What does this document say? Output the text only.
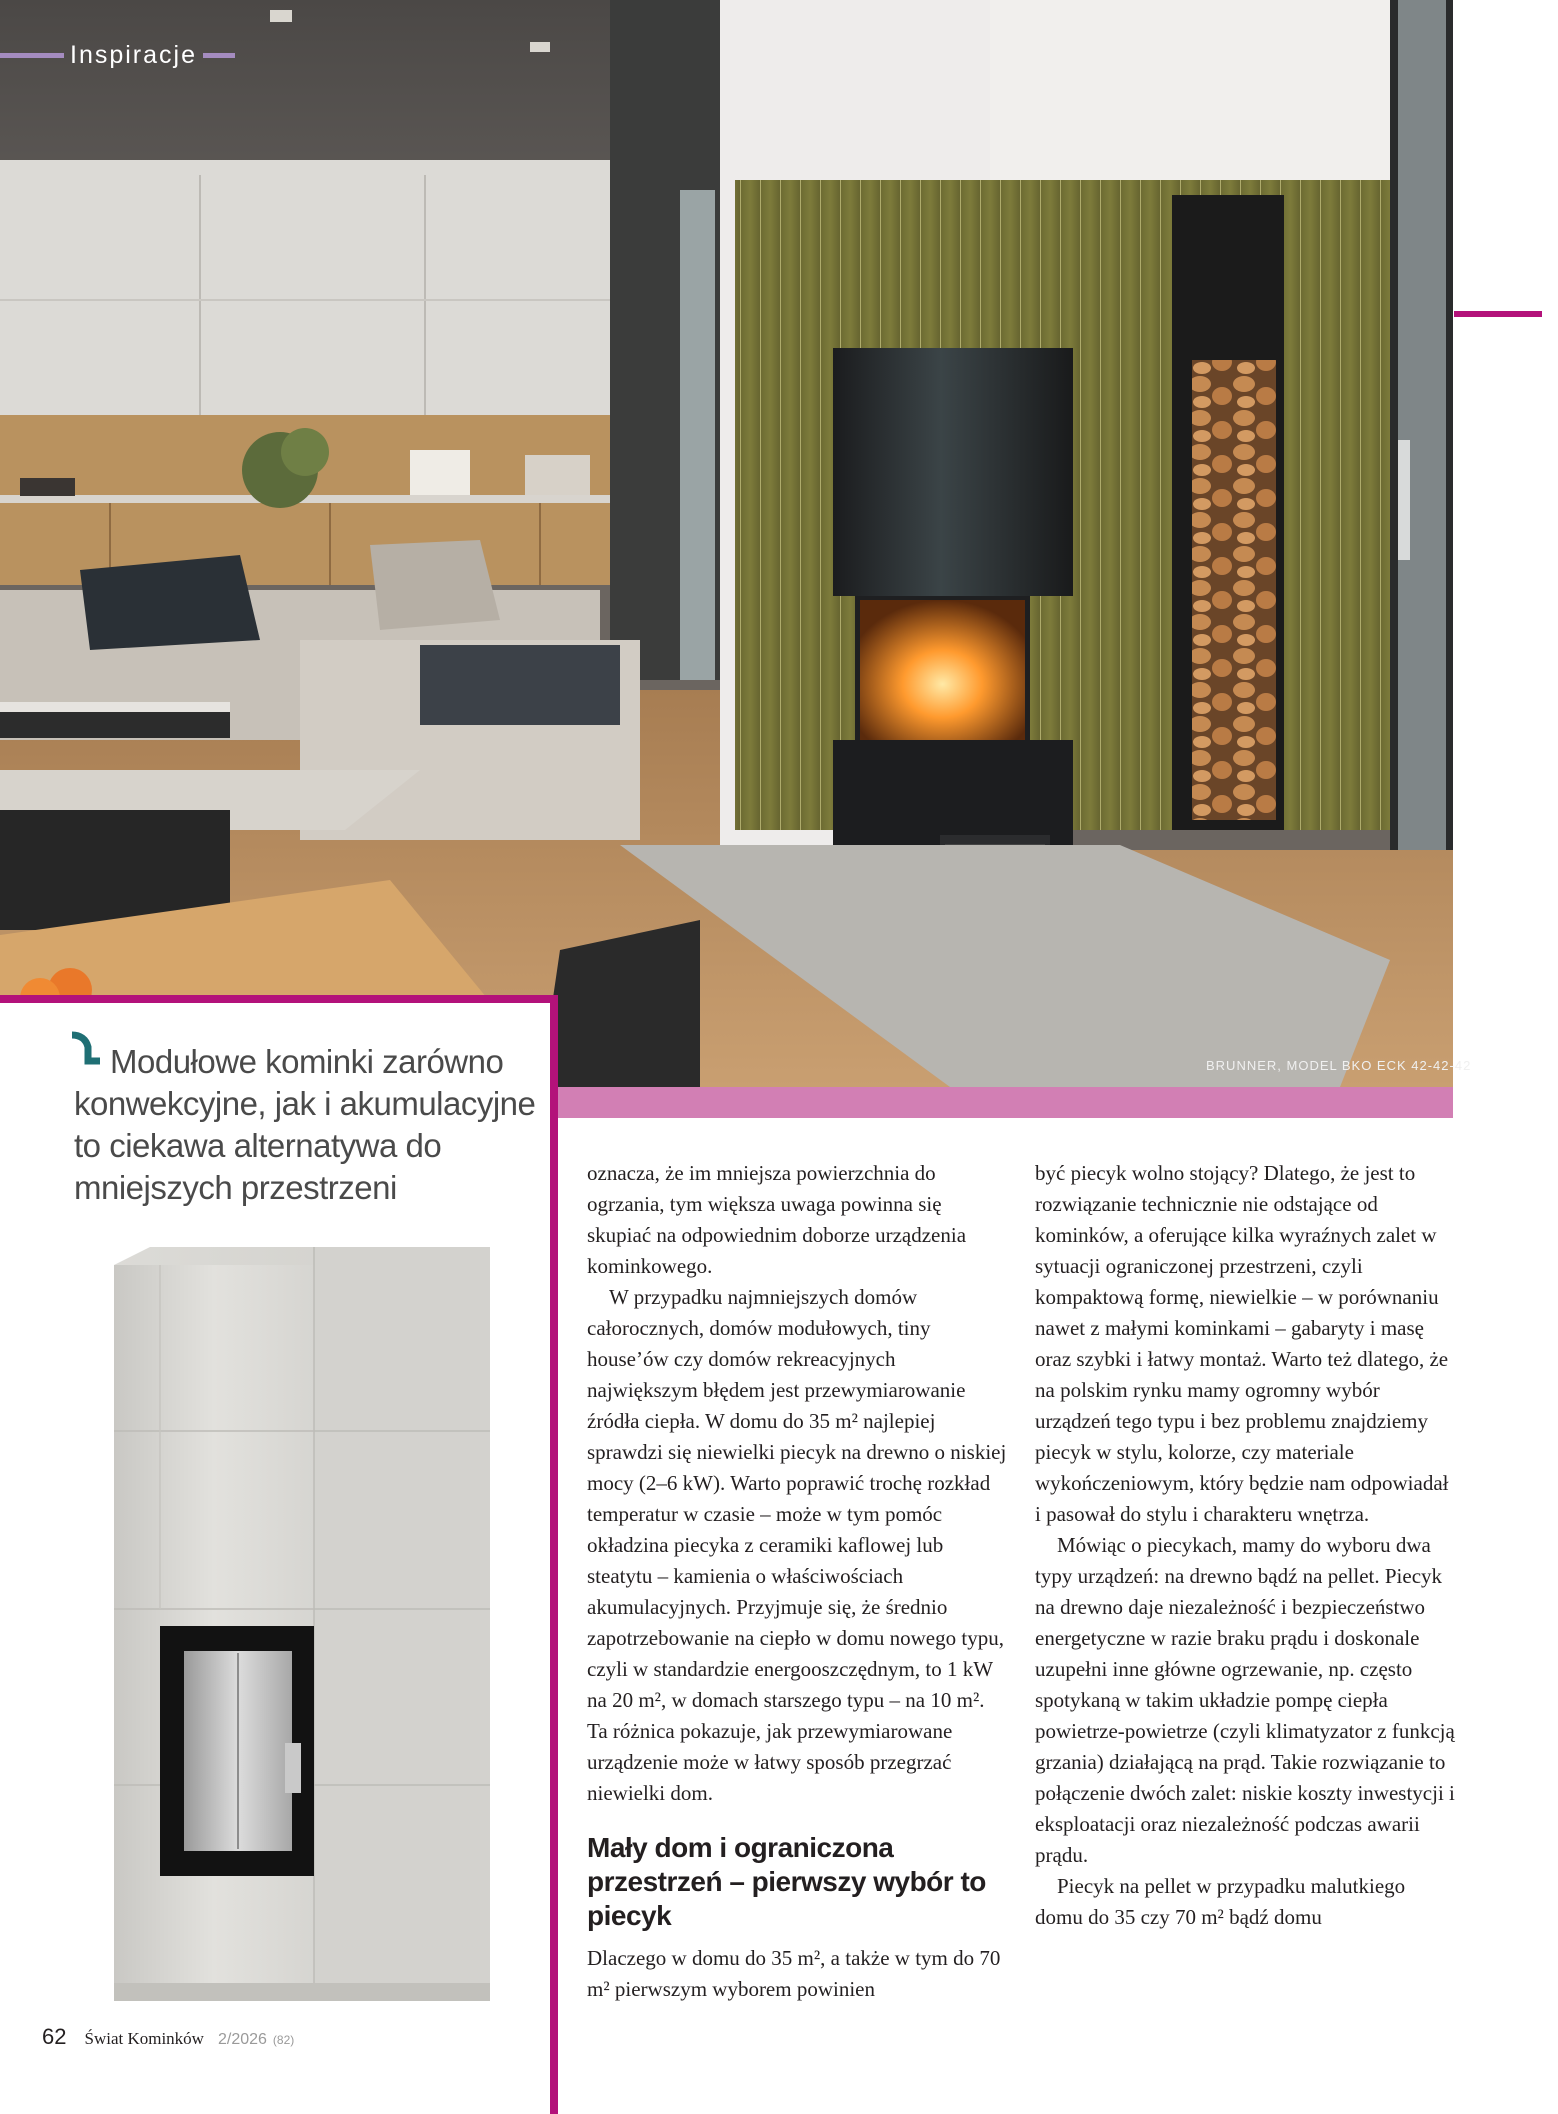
Inspiracje
BRUNNER, MODEL BKO ECK 42-42-42
Modułowe kominki zarówno konwekcyjne, jak i akumulacyjne to ciekawa alternatywa do mniejszych przestrzeni	oznacza, że im mniejsza powierzchnia do ogrzania, tym większa uwaga powinna się skupiać na odpowiednim doborze urządzenia kominkowego.

W przypadku najmniejszych domów całorocznych, domów modułowych, tiny house’ów czy domów rekreacyjnych największym błędem jest przewymiarowanie źródła ciepła. W domu do 35 m² najlepiej sprawdzi się niewielki piecyk na drewno o niskiej mocy (2–6 kW). Warto poprawić trochę rozkład temperatur w czasie – może w tym pomóc okładzina piecyka z ceramiki kaflowej lub steatytu – kamienia o właściwościach akumulacyjnych. Przyjmuje się, że średnio zapotrzebowanie na ciepło w domu nowego typu, czyli w standardzie energooszczędnym, to 1 kW na 20 m², w domach starszego typu – na 10 m². Ta różnica pokazuje, jak przewymiarowane urządzenie może w łatwy sposób przegrzać niewielki dom.

Mały dom i ograniczona przestrzeń – pierwszy wybór to piecyk

Dlaczego w domu do 35 m², a także w tym do 70 m² pierwszym wyborem powinien

być piecyk wolno stojący? Dlatego, że jest to rozwiązanie technicznie nie odstające od kominków, a oferujące kilka wyraźnych zalet w sytuacji ograniczonej przestrzeni, czyli kompaktową formę, niewielkie – w porównaniu nawet z małymi kominkami – gabaryty i masę oraz szybki i łatwy montaż. Warto też dlatego, że na polskim rynku mamy ogromny wybór urządzeń tego typu i bez problemu znajdziemy piecyk w stylu, kolorze, czy materiale wykończeniowym, który będzie nam odpowiadał i pasował do stylu i charakteru wnętrza.

Mówiąc o piecykach, mamy do wyboru dwa typy urządzeń: na drewno bądź na pellet. Piecyk na drewno daje niezależność i bezpieczeństwo energetyczne w razie braku prądu i doskonale uzupełni inne główne ogrzewanie, np. często spotykaną w takim układzie pompę ciepła powietrze-powietrze (czyli klimatyzator z funkcją grzania) działającą na prąd. Takie rozwiązanie to połączenie dwóch zalet: niskie koszty inwestycji i eksploatacji oraz niezależność podczas awarii prądu.

Piecyk na pellet w przypadku malutkiego domu do 35 czy 70 m² bądź domu

62 Świat Kominków 2/2026 (82)
